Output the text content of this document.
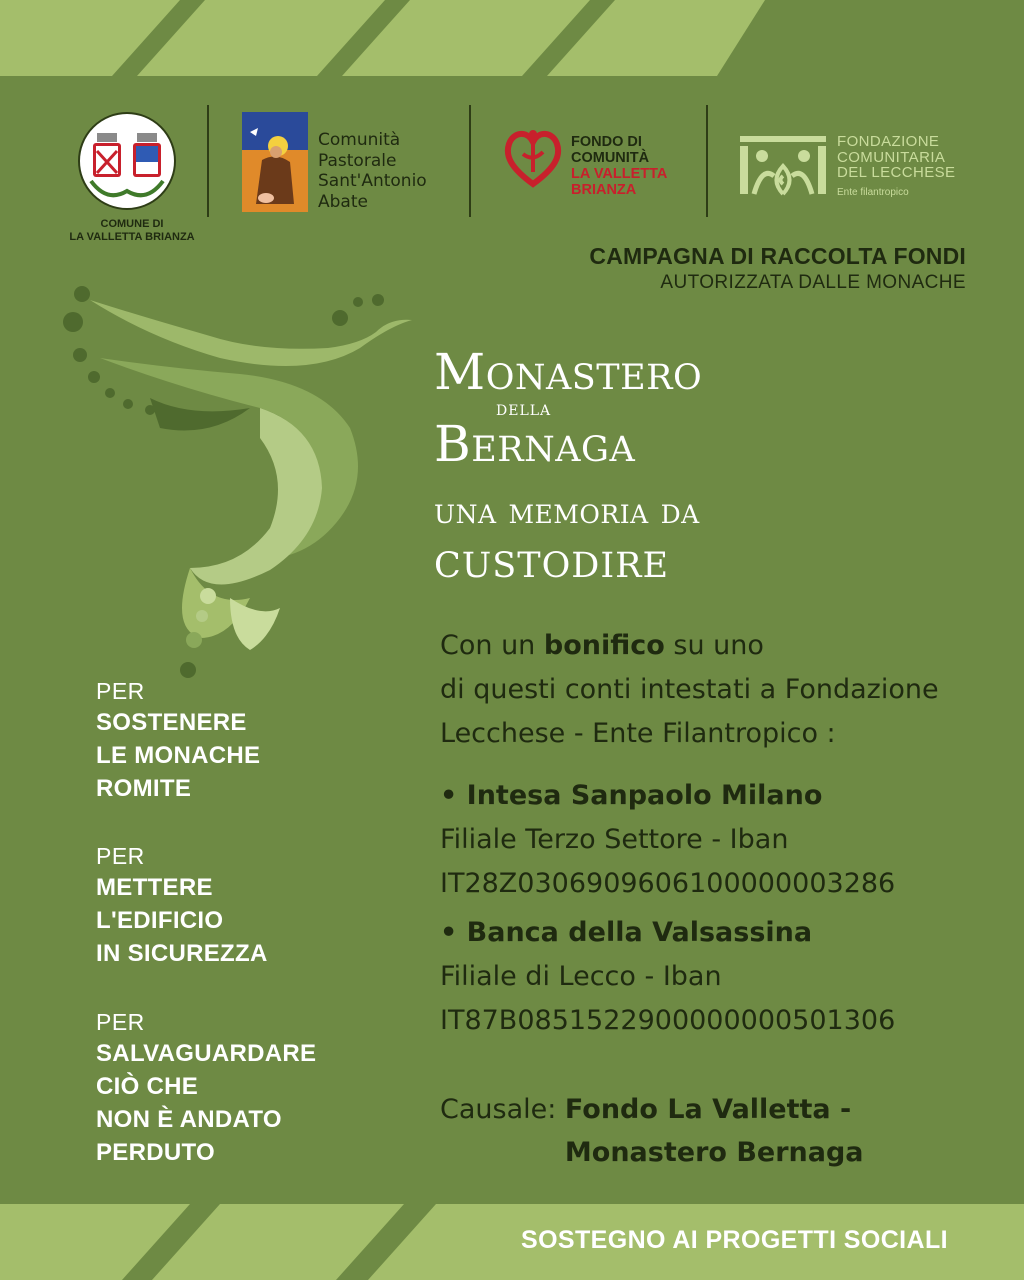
COMUNE DI
LA VALLETTA BRIANZA
Comunità
Pastorale
Sant'Antonio
Abate
FONDO DI
COMUNITÀ
LA VALLETTA
BRIANZA
FONDAZIONE
COMUNITARIA
DEL LECCHESE
Ente filantropico
CAMPAGNA DI RACCOLTA FONDI
AUTORIZZATA DALLE MONACHE
Monastero
della
Bernaga
una memoria da
custodire
PER
SOSTENERE
LE MONACHE
ROMITE
PER
METTERE
L'EDIFICIO
IN SICUREZZA
PER
SALVAGUARDARE
CIÒ CHE
NON È ANDATO
PERDUTO
Con un bonifico su uno
di questi conti intestati a Fondazione
Lecchese - Ente Filantropico :
• Intesa Sanpaolo Milano
Filiale Terzo Settore - Iban
IT28Z0306909606100000003286
• Banca della Valsassina
Filiale di Lecco - Iban
IT87B0851522900000000501306
Causale: Fondo La Valletta -
Monastero Bernaga
SOSTEGNO AI PROGETTI SOCIALI
